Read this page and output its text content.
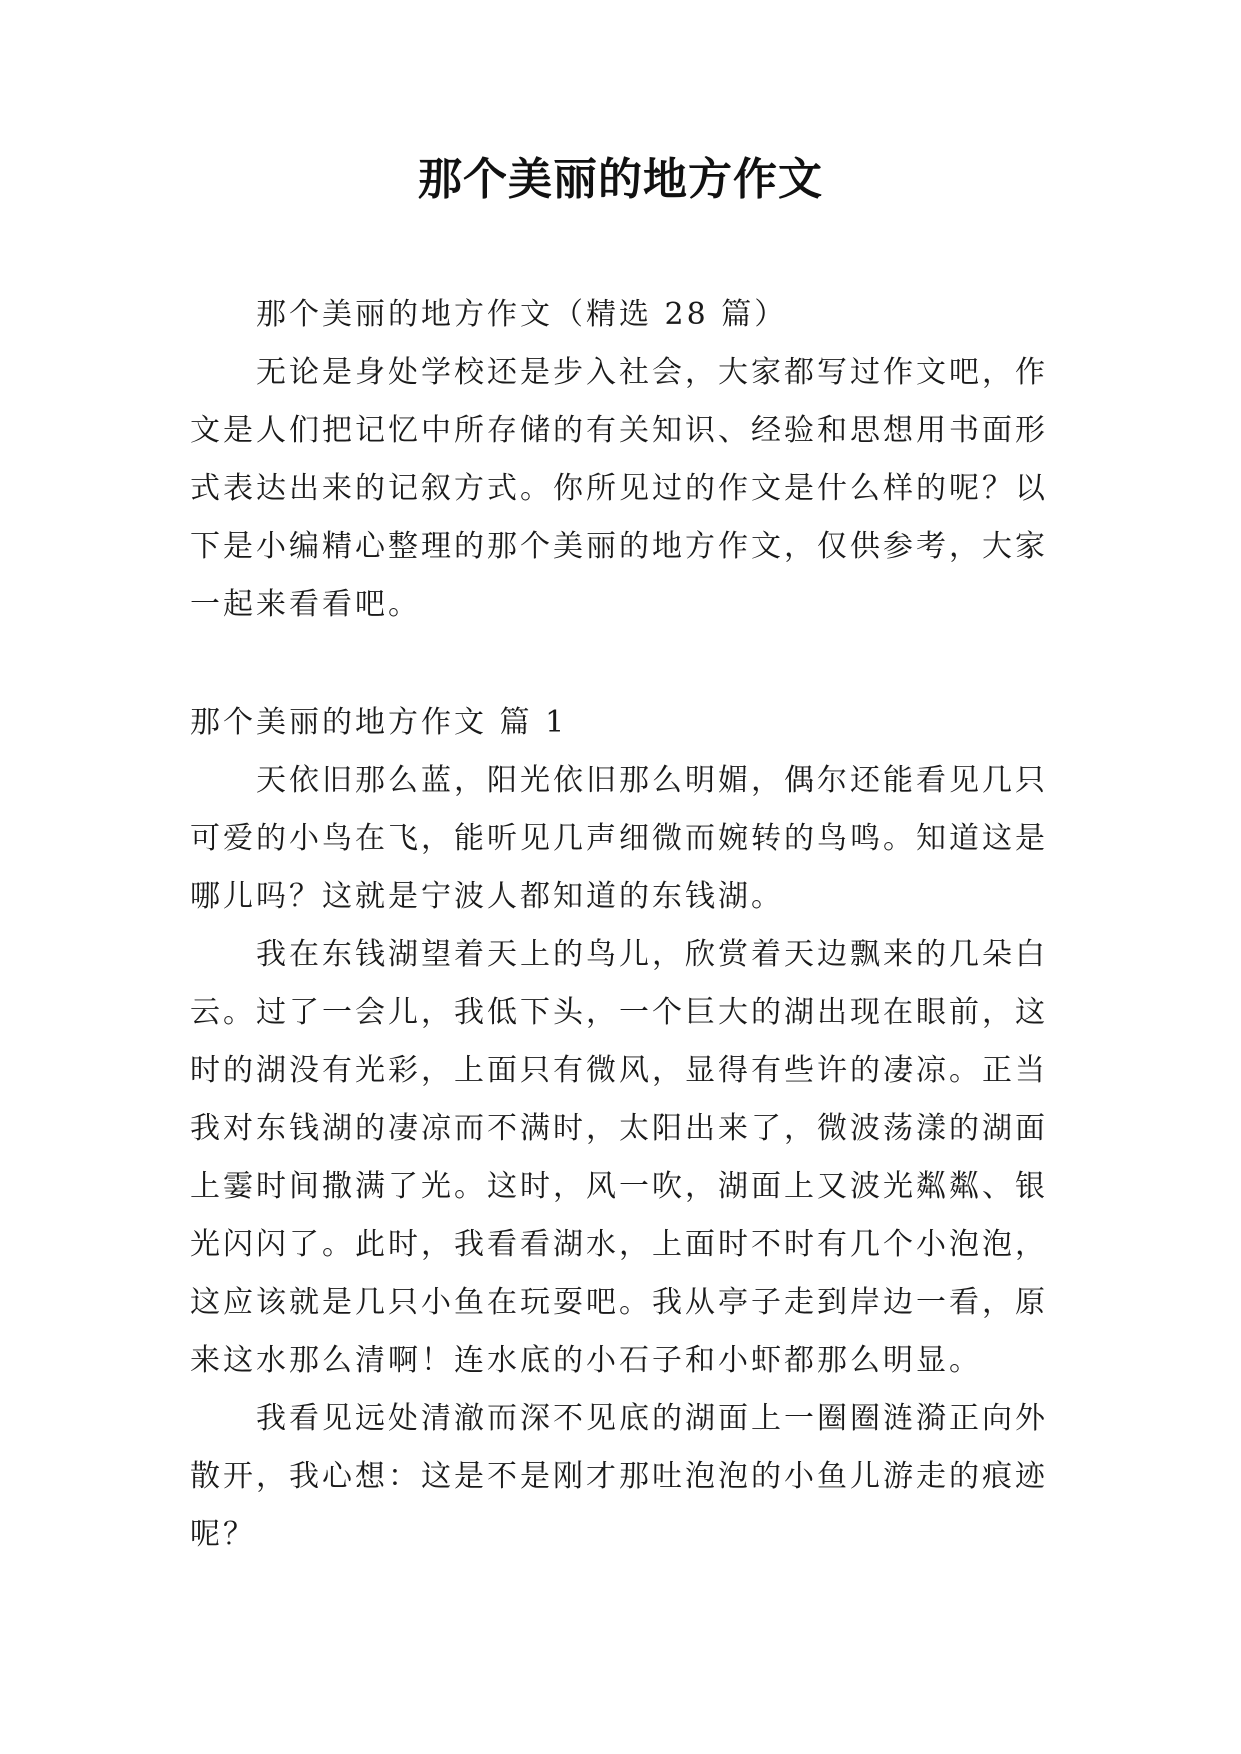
那个美丽的地方作文

那个美丽的地方作文（精选 28 篇）

无论是身处学校还是步入社会，大家都写过作文吧，作文是人们把记忆中所存储的有关知识、经验和思想用书面形式表达出来的记叙方式。你所见过的作文是什么样的呢？以下是小编精心整理的那个美丽的地方作文，仅供参考，大家一起来看看吧。

那个美丽的地方作文 篇 1

天依旧那么蓝，阳光依旧那么明媚，偶尔还能看见几只可爱的小鸟在飞，能听见几声细微而婉转的鸟鸣。知道这是哪儿吗？这就是宁波人都知道的东钱湖。

我在东钱湖望着天上的鸟儿，欣赏着天边飘来的几朵白云。过了一会儿，我低下头，一个巨大的湖出现在眼前，这时的湖没有光彩，上面只有微风，显得有些许的凄凉。正当我对东钱湖的凄凉而不满时，太阳出来了，微波荡漾的湖面上霎时间撒满了光。这时，风一吹，湖面上又波光粼粼、银光闪闪了。此时，我看看湖水，上面时不时有几个小泡泡，这应该就是几只小鱼在玩耍吧。我从亭子走到岸边一看，原来这水那么清啊！连水底的小石子和小虾都那么明显。

我看见远处清澈而深不见底的湖面上一圈圈涟漪正向外散开，我心想：这是不是刚才那吐泡泡的小鱼儿游走的痕迹呢？
